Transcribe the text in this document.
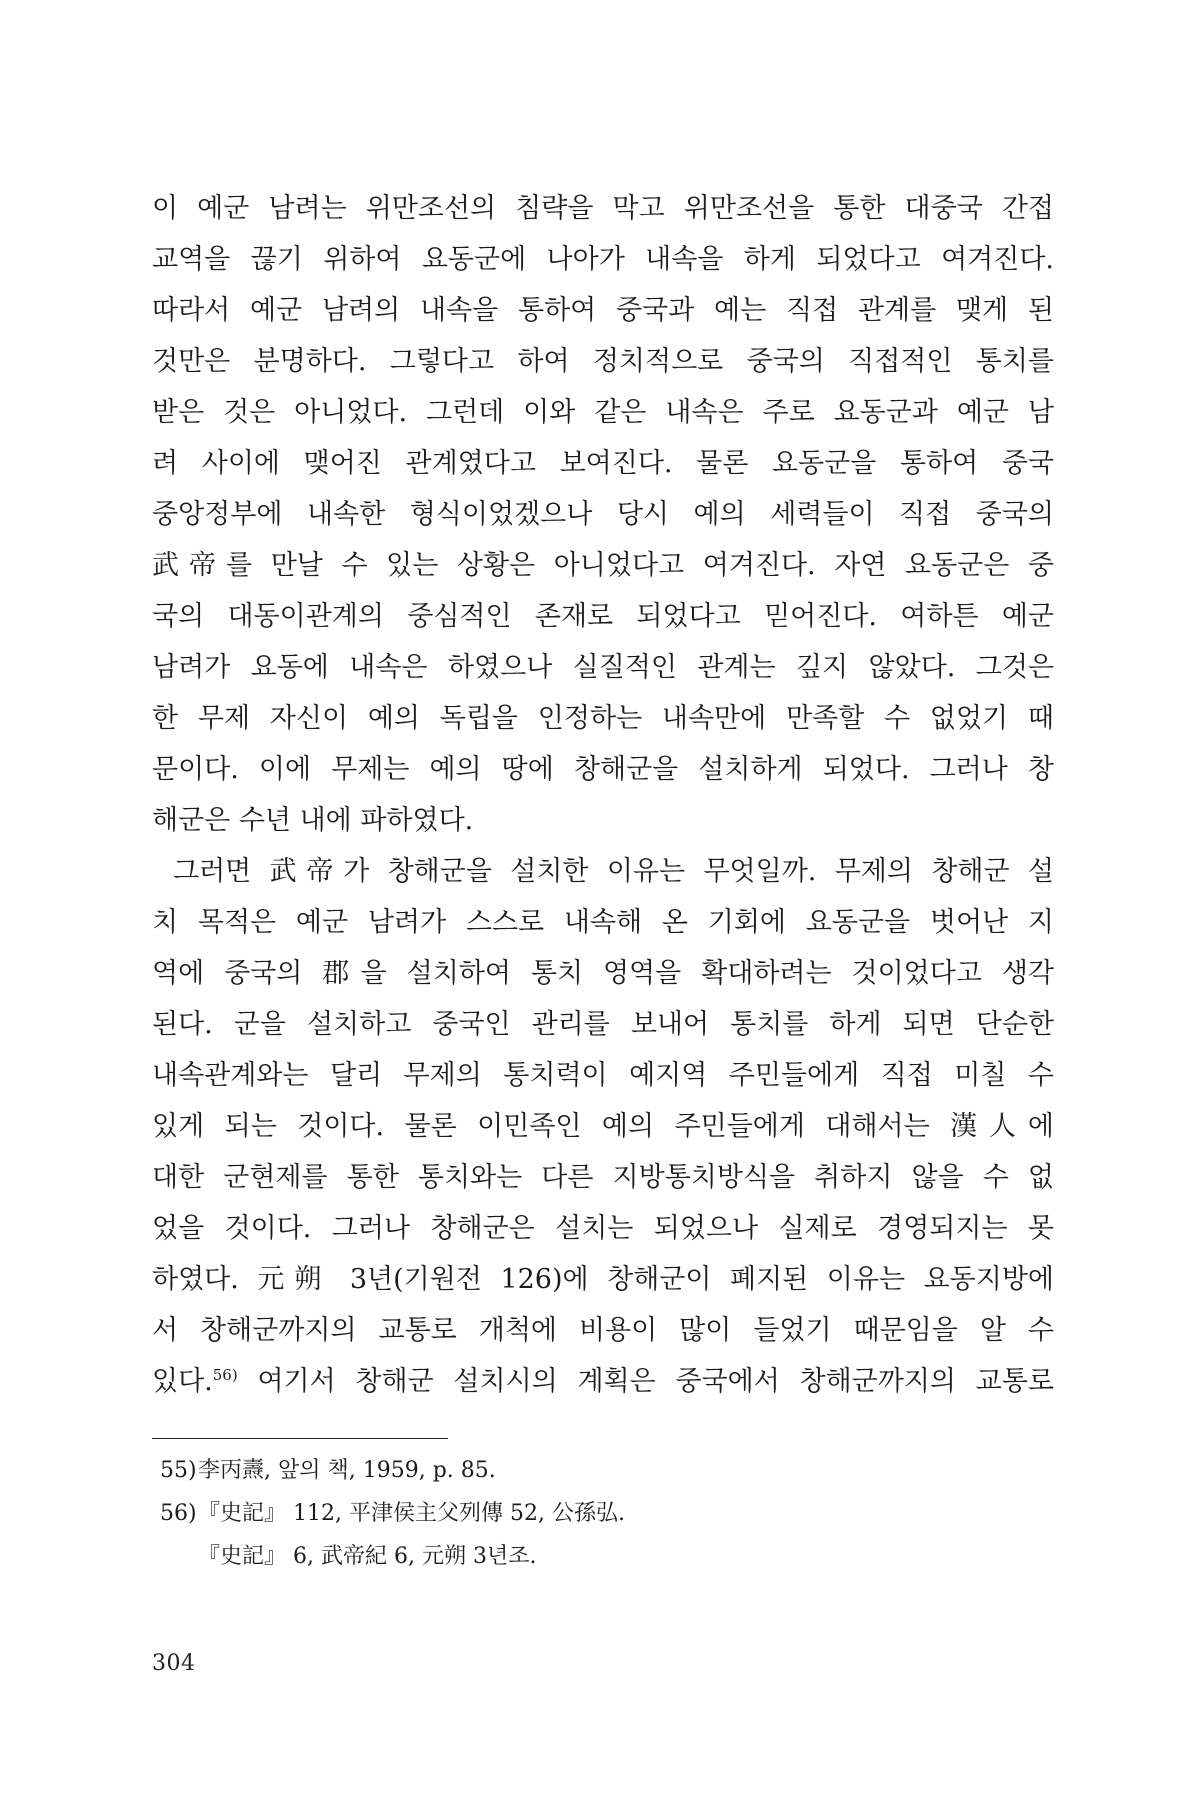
이 예군 남려는 위만조선의 침략을 막고 위만조선을 통한 대중국 간접
교역을 끊기 위하여 요동군에 나아가 내속을 하게 되었다고 여겨진다.
따라서 예군 남려의 내속을 통하여 중국과 예는 직접 관계를 맺게 된
것만은 분명하다. 그렇다고 하여 정치적으로 중국의 직접적인 통치를
받은 것은 아니었다. 그런데 이와 같은 내속은 주로 요동군과 예군 남
려 사이에 맺어진 관계였다고 보여진다. 물론 요동군을 통하여 중국
중앙정부에 내속한 형식이었겠으나 당시 예의 세력들이 직접 중국의
武帝를 만날 수 있는 상황은 아니었다고 여겨진다. 자연 요동군은 중
국의 대동이관계의 중심적인 존재로 되었다고 믿어진다. 여하튼 예군
남려가 요동에 내속은 하였으나 실질적인 관계는 깊지 않았다. 그것은
한 무제 자신이 예의 독립을 인정하는 내속만에 만족할 수 없었기 때
문이다. 이에 무제는 예의 땅에 창해군을 설치하게 되었다. 그러나 창
해군은 수년 내에 파하였다.
그러면 武帝가 창해군을 설치한 이유는 무엇일까. 무제의 창해군 설
치 목적은 예군 남려가 스스로 내속해 온 기회에 요동군을 벗어난 지
역에 중국의 郡을 설치하여 통치 영역을 확대하려는 것이었다고 생각
된다. 군을 설치하고 중국인 관리를 보내어 통치를 하게 되면 단순한
내속관계와는 달리 무제의 통치력이 예지역 주민들에게 직접 미칠 수
있게 되는 것이다. 물론 이민족인 예의 주민들에게 대해서는 漢人에
대한 군현제를 통한 통치와는 다른 지방통치방식을 취하지 않을 수 없
었을 것이다. 그러나 창해군은 설치는 되었으나 실제로 경영되지는 못
하였다. 元朔 3년(기원전 126)에 창해군이 폐지된 이유는 요동지방에
서 창해군까지의 교통로 개척에 비용이 많이 들었기 때문임을 알 수
있다.$^{56)}$ 여기서 창해군 설치시의 계획은 중국에서 창해군까지의 교통로
55) 李丙燾, 앞의 책, 1959, p. 85.
56) 『史記』 112, 平津侯主父列傳 52, 公孫弘.
『史記』 6, 武帝紀 6, 元朔 3년조.
304
